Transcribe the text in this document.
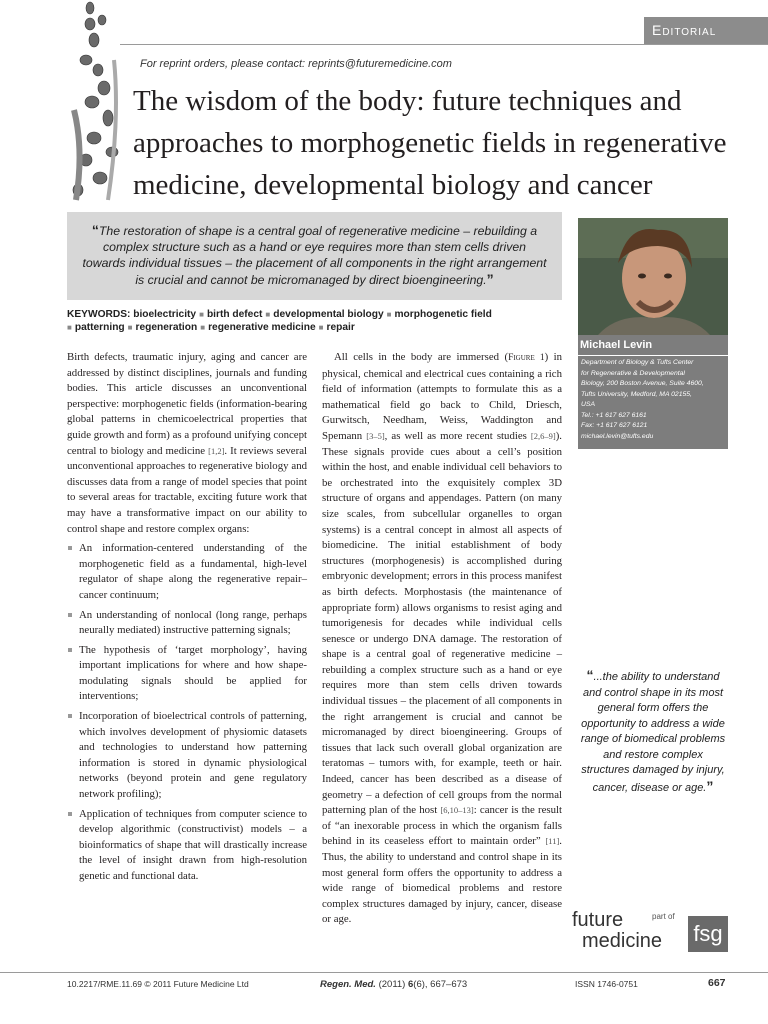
Editorial
For reprint orders, please contact: reprints@futuremedicine.com
The wisdom of the body: future techniques and approaches to morphogenetic fields in regenerative medicine, developmental biology and cancer
“The restoration of shape is a central goal of regenerative medicine – rebuilding a complex structure such as a hand or eye requires more than stem cells driven towards individual tissues – the placement of all components in the right arrangement is crucial and cannot be micromanaged by direct bioengineering.”
KEYWORDS: bioelectricity ■ birth defect ■ developmental biology ■ morphogenetic field
■ patterning ■ regeneration ■ regenerative medicine ■ repair
Michael Levin
Department of Biology & Tufts Center
for Regenerative & Developmental
Biology, 200 Boston Avenue, Suite 4600,
Tufts University, Medford, MA 02155,
USA
Tel.: +1 617 627 6161
Fax: +1 617 627 6121
michael.levin@tufts.edu

Birth defects, traumatic injury, aging and cancer are addressed by distinct disciplines, journals and funding bodies. This article discusses an unconventional perspective: morphogenetic fields (information-bearing global patterns in chemicoelectrical properties that guide growth and form) as a profound unifying concept central to biology and medicine [1,2]. It reviews several unconventional approaches to regenerative biology and discusses data from a range of model species that point to several areas for tractable, exciting future work that may have a transformative impact on our ability to control shape and restore complex organs:

An information-centered understanding of the morphogenetic field as a fundamental, high-level regulator of shape along the regenerative repair–cancer continuum;
An understanding of nonlocal (long range, perhaps neurally mediated) instructive patterning signals;
The hypothesis of ‘target morphology’, having important implications for where and how shape-modulating signals should be applied for interventions;
Incorporation of bioelectrical controls of patterning, which involves development of physiomic datasets and technologies to understand how patterning information is stored in dynamic physiological networks (beyond protein and gene regulatory network profiling);
Application of techniques from computer science to develop algorithmic (constructivist) models – a bioinformatics of shape that will drastically increase the level of insight drawn from high-resolution genetic and functional data.

All cells in the body are immersed (Figure 1) in physical, chemical and electrical cues containing a rich field of information (attempts to formulate this as a mathematical field go back to Child, Driesch, Gurwitsch, Needham, Weiss, Waddington and Spemann [3–5], as well as more recent studies [2,6–9]). These signals provide cues about a cell’s position within the host, and enable individual cell behaviors to be orchestrated into the exquisitely complex 3D structure of organs and appendages. Pattern (on many size scales, from subcellular organelles to organ systems) is a central concept in almost all aspects of biomedicine. The initial establishment of body structures (morphogenesis) is accomplished during embryonic development; errors in this process manifest as birth defects. Morphostasis (the maintenance of appropriate form) allows organisms to resist aging and tumorigenesis for decades while individual cells senesce or undergo DNA damage. The restoration of shape is a central goal of regenerative medicine – rebuilding a complex structure such as a hand or eye requires more than stem cells driven towards individual tissues – the placement of all components in the right arrangement is crucial and cannot be micromanaged by direct bioengineering. Groups of tissues that lack such overall global organization are teratomas – tumors with, for example, teeth or hair. Indeed, cancer has been described as a disease of geometry – a defection of cell groups from the normal patterning plan of the host [6,10–13]: cancer is the result of “an inexorable process in which the organism falls behind in its ceaseless effort to maintain order” [11]. Thus, the ability to understand and control shape in its most general form offers the opportunity to address a wide range of biomedical problems and restore complex structures damaged by injury, cancer, disease or age.

“...the ability to understand and control shape in its most general form offers the opportunity to address a wide range of biomedical problems and restore complex structures damaged by injury, cancer, disease or age.”
future
medicine
part of
fsg
10.2217/RME.11.69 © 2011 Future Medicine Ltd	Regen. Med. (2011) 6(6), 667–673	ISSN 1746-0751	667
